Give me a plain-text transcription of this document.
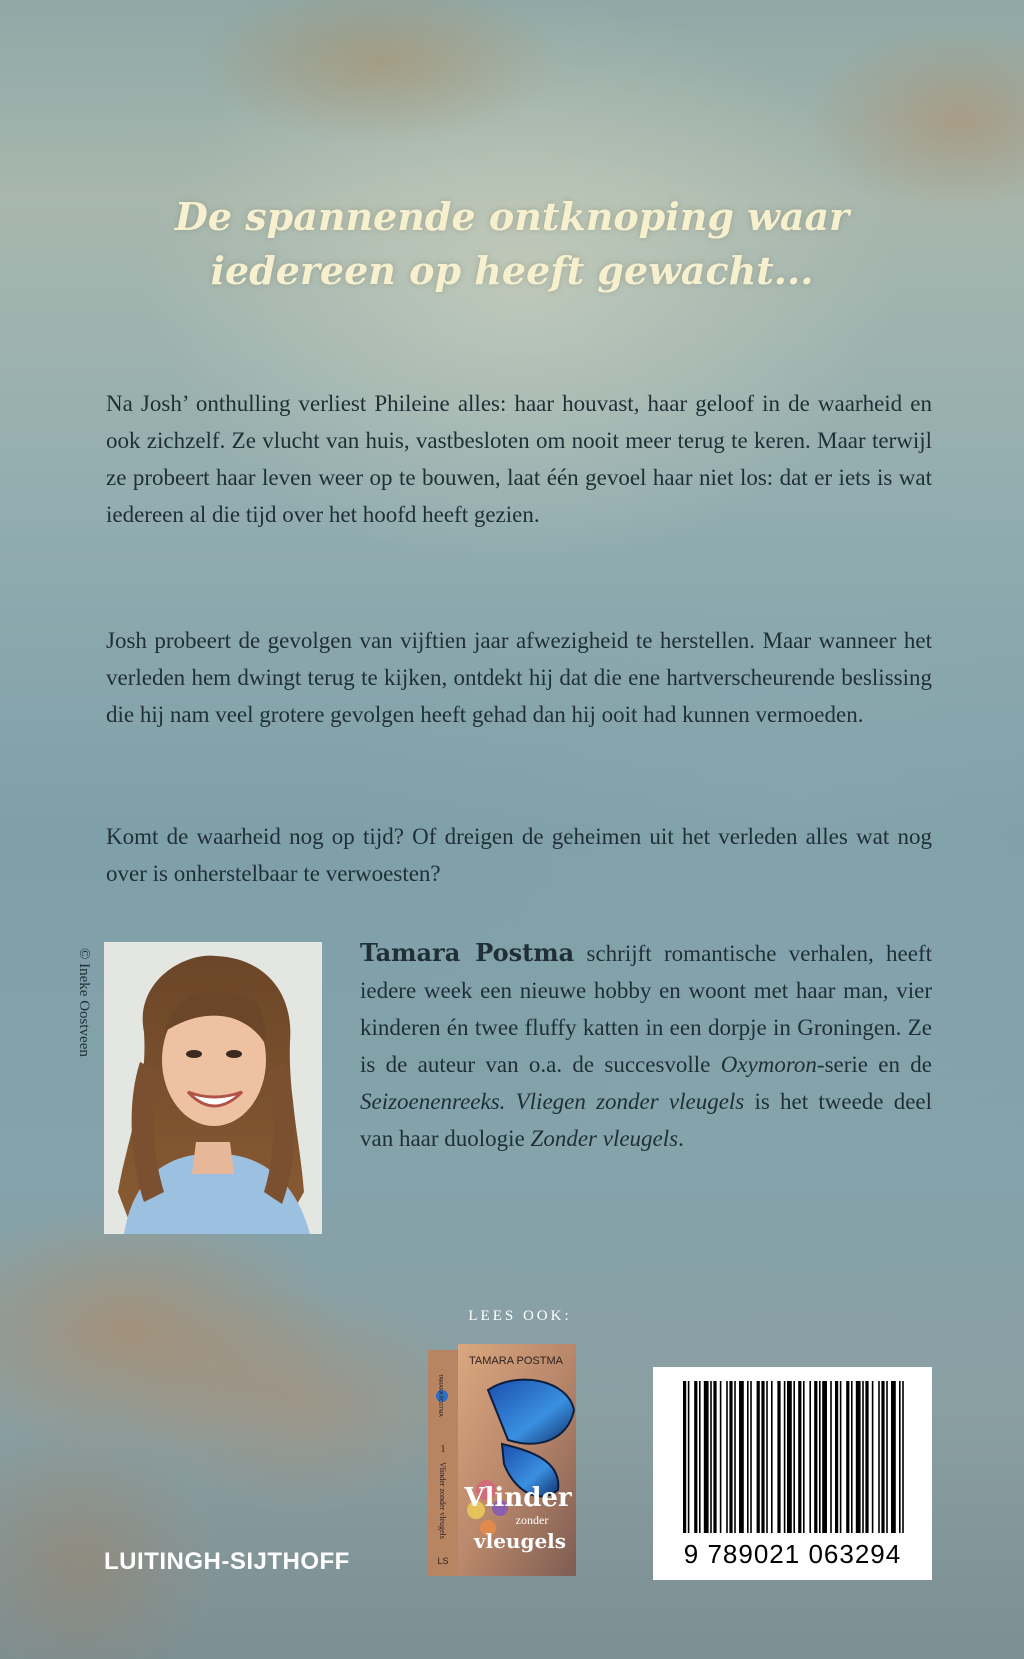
De spannende ontknoping waar
iedereen op heeft gewacht...

Na Josh’ onthulling verliest Phileine alles: haar houvast, haar geloof in de waarheid en ook zichzelf. Ze vlucht van huis, vastbesloten om nooit meer terug te keren. Maar terwijl ze probeert haar leven weer op te bouwen, laat één gevoel haar niet los: dat er iets is wat iedereen al die tijd over het hoofd heeft gezien.

Josh probeert de gevolgen van vijftien jaar afwezigheid te herstellen. Maar wanneer het verleden hem dwingt terug te kijken, ontdekt hij dat die ene hartverscheurende beslissing die hij nam veel grotere gevolgen heeft gehad dan hij ooit had kunnen vermoeden.

Komt de waarheid nog op tijd? Of dreigen de geheimen uit het verleden alles wat nog over is onherstelbaar te verwoesten?

© Ineke Oostveen	Tamara Postma schrijft romantische verhalen, heeft iedere week een nieuwe hobby en woont met haar man, vier kinderen én twee fluffy katten in een dorpje in Groningen. Ze is de auteur van o.a. de succesvolle Oxymoron-serie en de Seizoenenreeks. Vliegen zonder vleugels is het tweede deel van haar duologie Zonder vleugels.

LEES OOK:
TAMARA POSTMA
TAMARA POSTMA
1
Vlinder zonder vleugels
LS
Vlinder
zonder
vleugels
LUITINGH-SIJTHOFF	9 789021 063294
